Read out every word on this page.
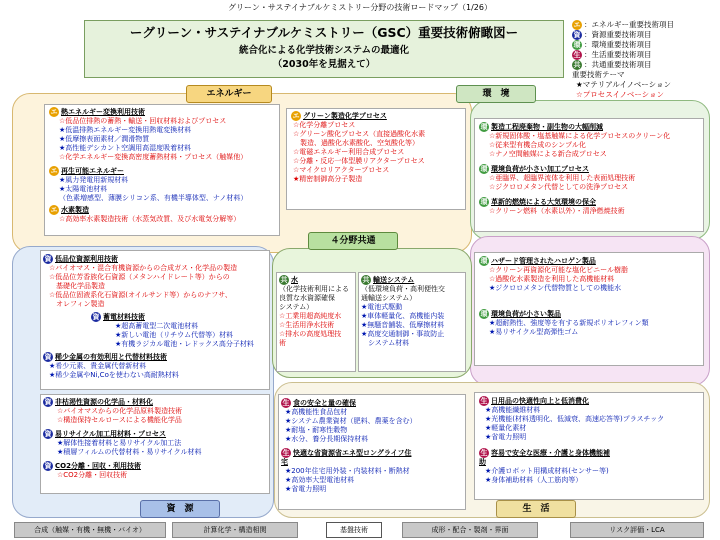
グリーン・サステイナブルケミストリー分野の技術ロードマップ（1/26）
ーグリーン・サステイナブルケミストリー（GSC）重要技術俯瞰図ー
統合化による化学技術システムの最適化
（2030年を見据えて）
エ ：エネルギー重要技術項目
資 ：資源重要技術項目
環 ：環境重要技術項目
生 ：生活重要技術項目
共 ：共通重要技術項目
重要技術テーマ
★マテリアルイノベーション
☆プロセスイノベーション
エネルギー	環　境
４分野共通
資　源	生　活
エ 熱エネルギー変換利用技術
☆低品位排熱の蓄熱・輸送・回収材料およびプロセス
★低温排熱エネルギー変換用熱電変換材料
★低摩擦表面素材／潤滑物質
★高性能デシカント空調用高湿度吸着材料
☆化学エネルギー変換高密度蓄熱材料・プロセス（触媒他）
エ 再生可能エネルギー
★風力発電用新規材料
★太陽電池材料
（色素増感型、薄膜シリコン系、有機半導体型、ナノ材料）
エ 水素製造
☆高効率水素製造技術（水蒸気改質、及び水電気分解等）
エ グリーン製造化学プロセス
☆化学分離プロセス
☆グリーン酸化プロセス（直接過酸化水素
　製造、過酸化水素酸化、空気酸化等）
☆電磁エネルギー利用合成プロセス
☆分離・反応一体型膜リアクタープロセス
☆マイクロリアクタープロセス
★精密制御高分子製造
環 製造工程廃棄物・副生物の大幅削減
☆新規固体酸・塩基触媒による化学プロセスのクリーン化
☆従来型有機合成のシンプル化
☆ナノ空間触媒による新合成プロセス
環 環境負荷が小さい加工プロセス
☆亜臨界、超臨界流体を利用した表面処理技術
☆ジクロロメタン代替としての洗浄プロセス
環 革新的燃焼による大気環境の保全
☆クリーン燃料（水素以外）・清浄燃焼技術
環 ハザード管理されたハロゲン製品
☆クリーン再資源化可能な塩化ビニール樹脂
☆過酸化水素製造を利用した高機能材料
★ジクロロメタン代替物質としての機能水
環 環境負荷が小さい製品
★超耐熱性、強度等を有する新規ポリオレフィン類
★易リサイクル型高弾性ゴム
資 低品位資源利用技術
☆バイオマス・混合有機資源からの合成ガス・化学品の製造
☆低品位芳香族化石資源（メタンハイドレート等）からの
　基礎化学品製造
☆低品位固液系化石資源(オイルサンド等）からのナフサ、
　オレフィン製造
資 蓄電材料技術
★超高蓄電型二次電池材料
★新しい電池（リチウム代替等）材料
★有機ラジカル電池・レドックス高分子材料
資 稀少金属の有効利用と代替材料技術
★希少元素、貴金属代替新材料
★稀少金属やNi,Coを使わない高耐熱材料
資 非枯渇性資源の化学品・材料化
☆バイオマスからの化学品原料製造技術
☆構造保持セルロースによる機能化学品
資 易リサイクル加工用材料・プロセス
★解体性接着材料と易リサイクル加工法
★積層フィルムの代替材料・易リサイクル材料
資 CO2分離・回収・利用技術
☆CO2分離・回収技術
共 水
（化学技術利用による
良質な水資源確保
システム）
☆工業用超高純度水
☆生活用浄水技術
☆排水の高度処理技
術
共 輸送システム
（低環境負荷・高利便性交
通輸送システム）
★電池式駆動
★車体軽量化、高機能内装
★無騒音舗装、低摩擦材料
★高度交通制御・事故防止
　システム材料
生 食の安全と量の確保
★高機能性食品包材
★システム農業資材（肥料、農薬を含む）
★耐塩・耐寒性穀物
★水分、養分長期保持材料
生 快適な省資源省エネ型ロングライフ住
宅
★200年住宅用外装・内装材料・断熱材
★高効率大型電池材料
★省電力照明
生 日用品の快適性向上と低消費化
★高機能繊維材料
★光機能(材料透明化、低減衰、高速応答等)プラスチック
★軽量化素材
★省電力照明
生 容易で安全な医療・介護と身体機能補
助
★介護ロボット用構成材料(センサー等)
★身体補助材料（人工筋肉等）
合成（触媒・有機・無機・バイオ）	計算化学・構造相関	基盤技術	成形・配合・製剤・界面	リスク評価・LCA
